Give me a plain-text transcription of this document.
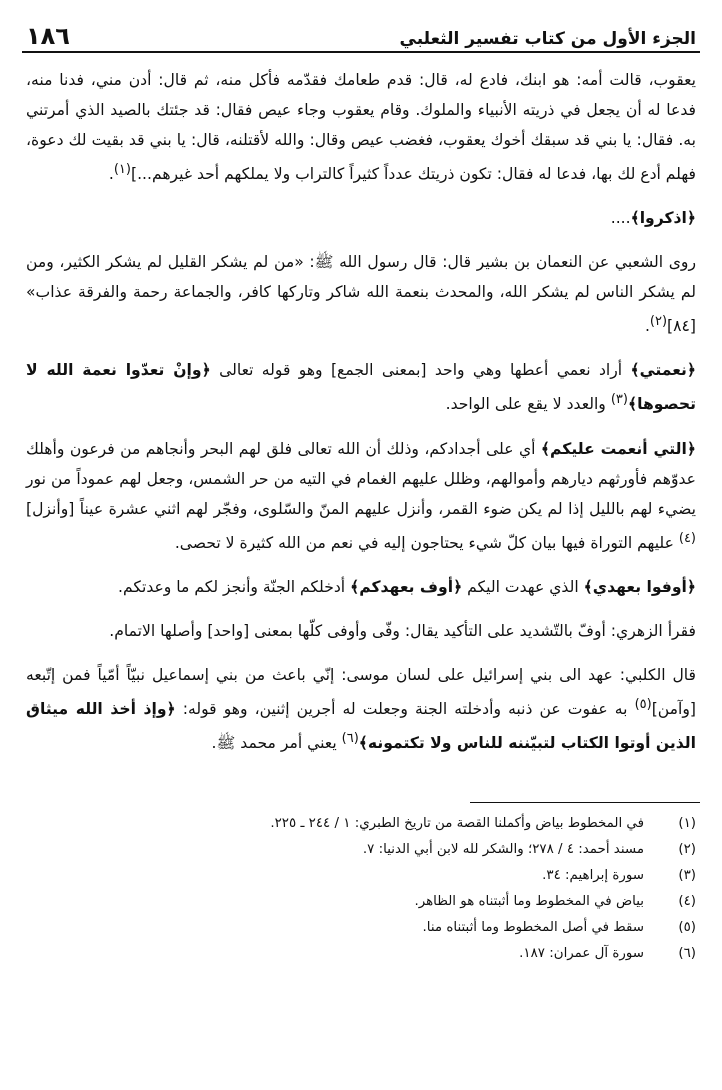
الجزء الأول من كتاب تفسير الثعلبي
١٨٦

يعقوب، قالت أمه: هو ابنك، فادع له، قال: قدم طعامك فقدّمه فأكل منه، ثم قال: أدن مني، فدنا منه، فدعا له أن يجعل في ذريته الأنبياء والملوك. وقام يعقوب وجاء عيص فقال: قد جئتك بالصيد الذي أمرتني به. فقال: يا بني قد سبقك أخوك يعقوب، فغضب عيص وقال: والله لأقتلنه، قال: يا بني قد بقيت لك دعوة، فهلم أدع لك بها، فدعا له فقال: تكون ذريتك عدداً كثيراً كالتراب ولا يملكهم أحد غيرهم...]$^{(١)}$.

﴿اذكروا﴾....

روى الشعبي عن النعمان بن بشير قال: قال رسول الله ﷺ: «من لم يشكر القليل لم يشكر الكثير، ومن لم يشكر الناس لم يشكر الله، والمحدث بنعمة الله شاكر وتاركها كافر، والجماعة رحمة والفرقة عذاب» [٨٤]$^{(٢)}$.

﴿نعمتي﴾ أراد نعمي أعطها وهي واحد [بمعنى الجمع] وهو قوله تعالى ﴿وإنْ تعدّوا نعمة الله لا تحصوها﴾$^{(٣)}$ والعدد لا يقع على الواحد.

﴿التي أنعمت عليكم﴾ أي على أجدادكم، وذلك أن الله تعالى فلق لهم البحر وأنجاهم من فرعون وأهلك عدوّهم فأورثهم ديارهم وأموالهم، وظلل عليهم الغمام في التيه من حر الشمس، وجعل لهم عموداً من نور يضيء لهم بالليل إذا لم يكن ضوء القمر، وأنزل عليهم المنّ والسّلوى، وفجّر لهم اثني عشرة عيناً [وأنزل]$^{(٤)}$ عليهم التوراة فيها بيان كلّ شيء يحتاجون إليه في نعم من الله كثيرة لا تحصى.

﴿أوفوا بعهدي﴾ الذي عهدت اليكم ﴿أوف بعهدكم﴾ أدخلكم الجنّة وأنجز لكم ما وعدتكم.

فقرأ الزهري: أوفّ بالتّشديد على التأكيد يقال: وفّى وأوفى كلّها بمعنى [واحد] وأصلها الاتمام.

قال الكلبي: عهد الى بني إسرائيل على لسان موسى: إنّي باعث من بني إسماعيل نبيّاً أمّياً فمن إتّبعه [وآمن]$^{(٥)}$ به عفوت عن ذنبه وأدخلته الجنة وجعلت له أجرين إثنين، وهو قوله: ﴿وإذ أخذ الله ميثاق الذين أوتوا الكتاب لتبيّننه للناس ولا تكتمونه﴾$^{(٦)}$ يعني أمر محمد ﷺ.

(١)
في المخطوط بياض وأكملنا القصة من تاريخ الطبري: ١ / ٢٤٤ ـ ٢٢٥.
(٢)
مسند أحمد: ٤ / ٢٧٨؛ والشكر لله لابن أبي الدنيا: ٧.
(٣)
سورة إبراهيم: ٣٤.
(٤)
بياض في المخطوط وما أثبتناه هو الظاهر.
(٥)
سقط في أصل المخطوط وما أثبتناه منا.
(٦)
سورة آل عمران: ١٨٧.
